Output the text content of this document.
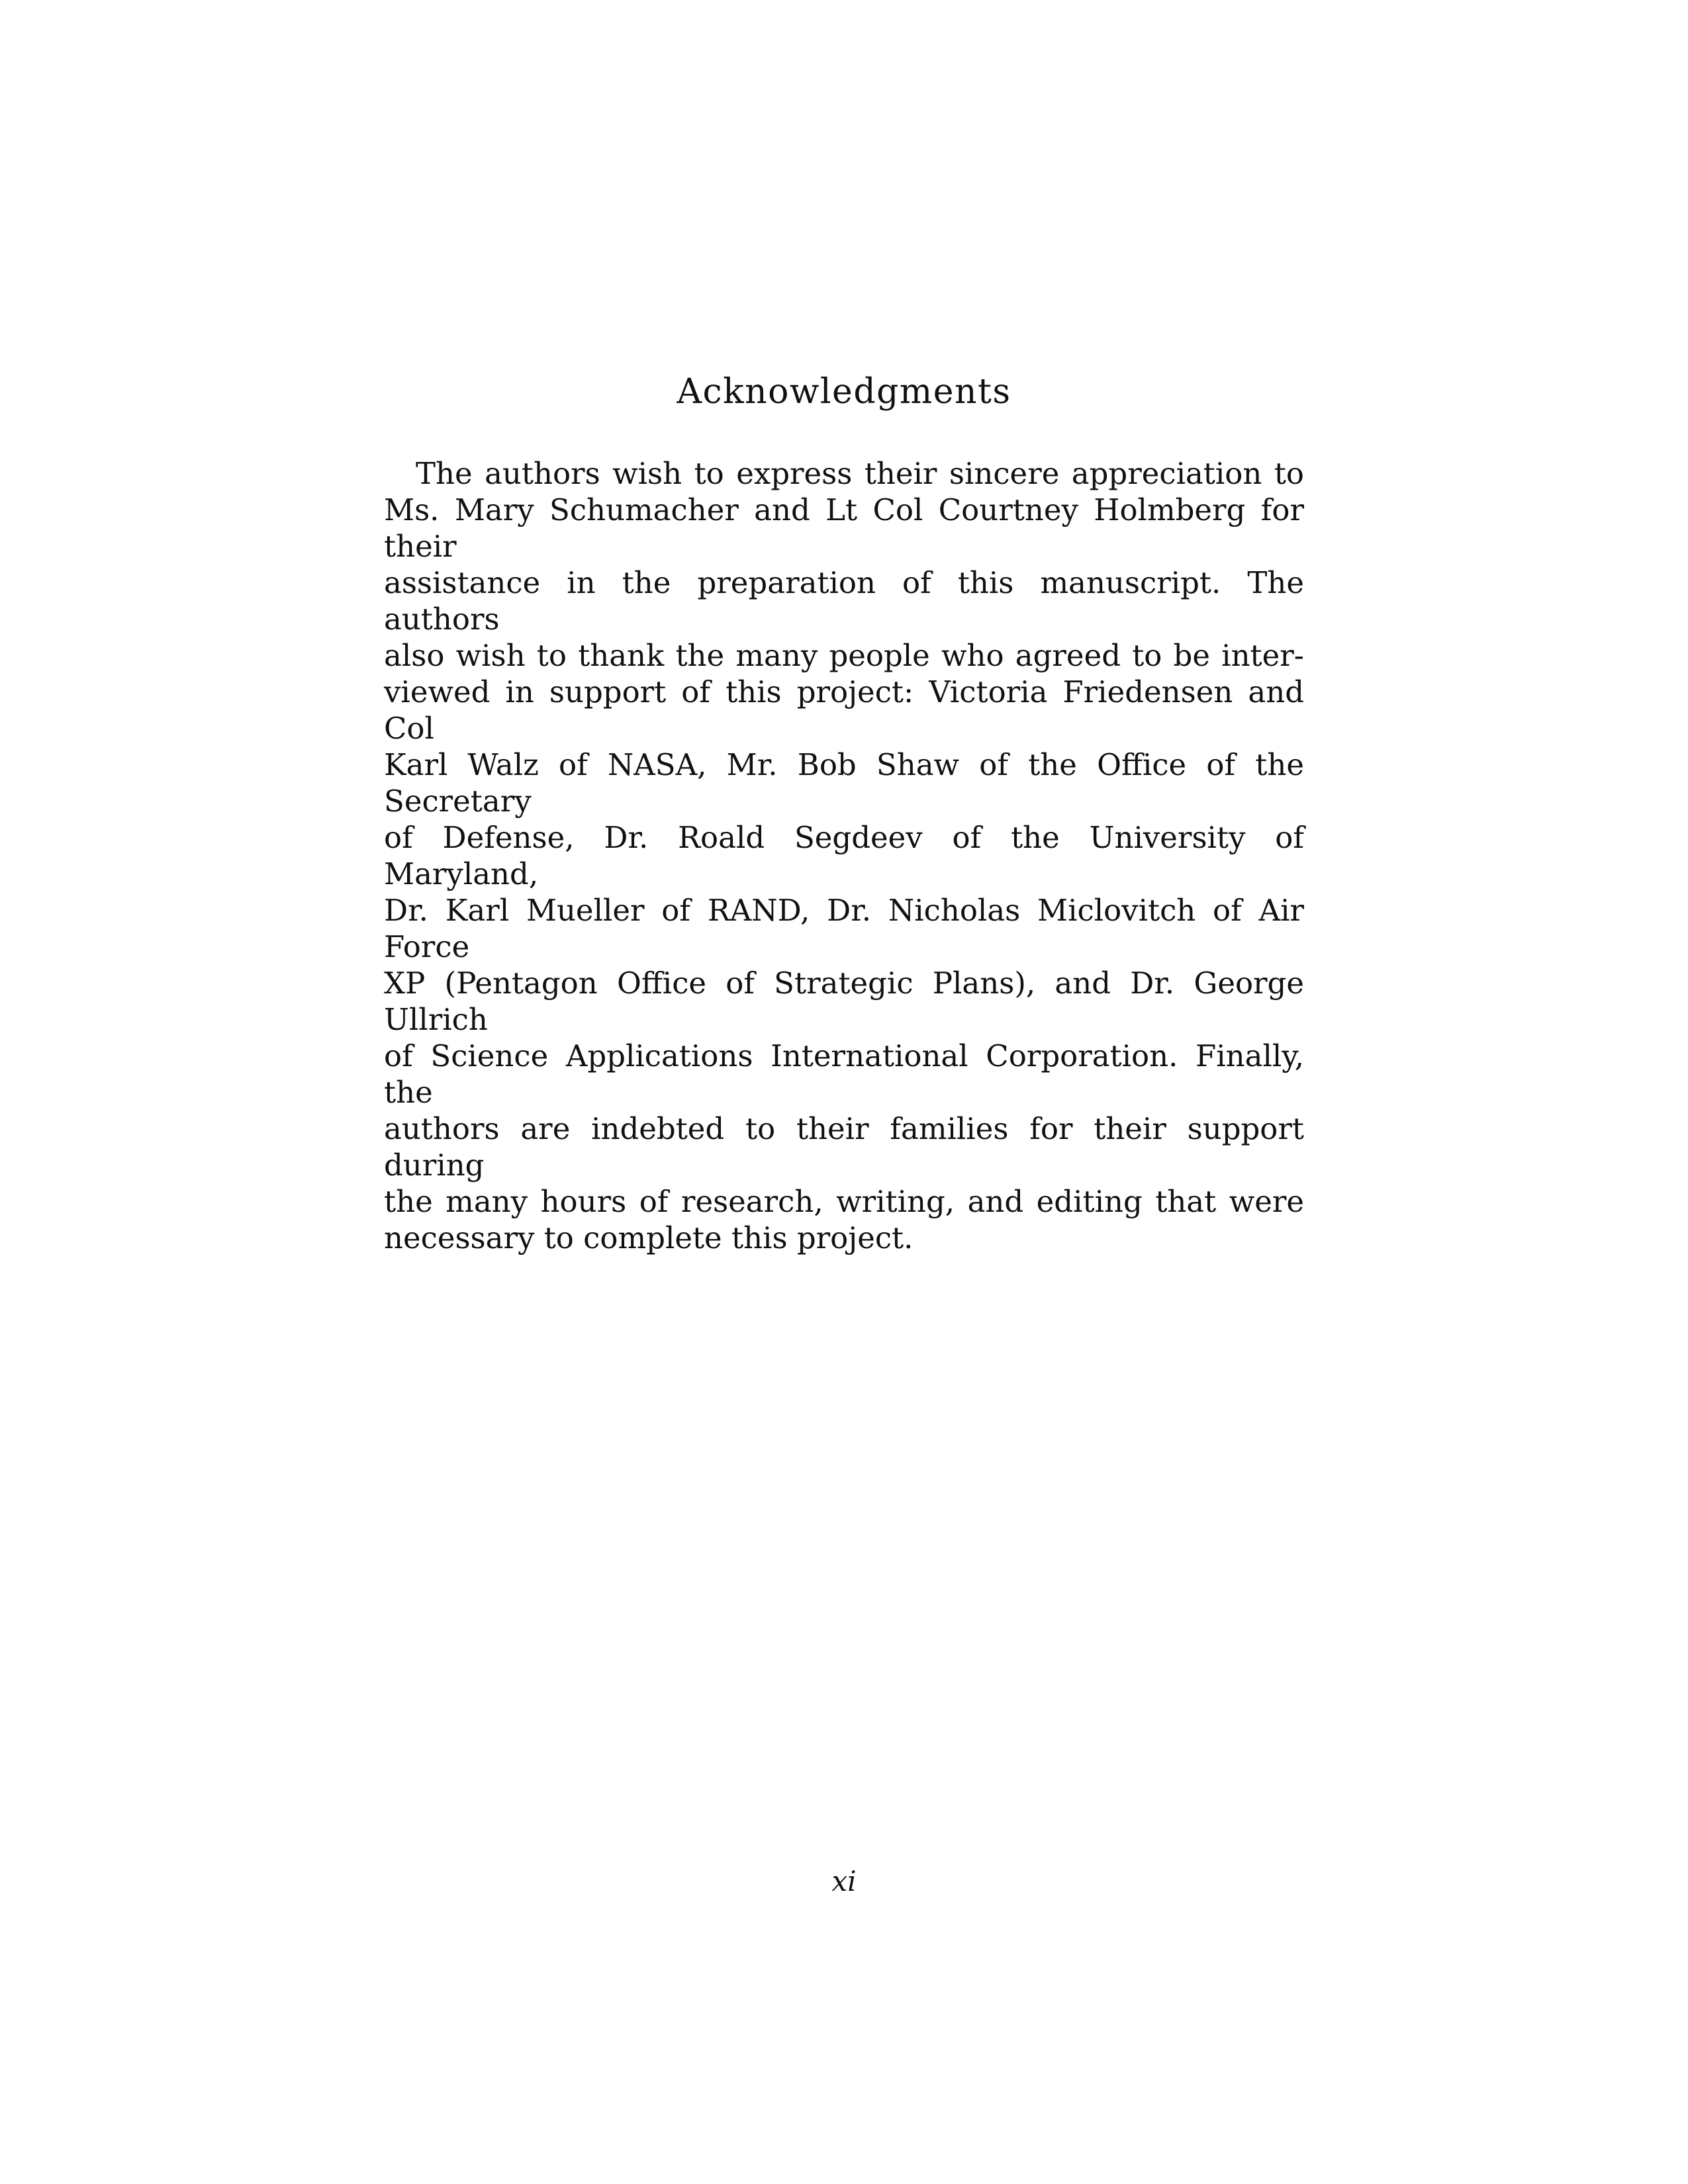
Acknowledgments
The authors wish to express their sincere appreciation to
Ms. Mary Schumacher and Lt Col Courtney Holmberg for their
assistance in the preparation of this manuscript. The authors
also wish to thank the many people who agreed to be inter-
viewed in support of this project: Victoria Friedensen and Col
Karl Walz of NASA, Mr. Bob Shaw of the Office of the Secretary
of Defense, Dr. Roald Segdeev of the University of Maryland,
Dr. Karl Mueller of RAND, Dr. Nicholas Miclovitch of Air Force
XP (Pentagon Office of Strategic Plans), and Dr. George Ullrich
of Science Applications International Corporation. Finally, the
authors are indebted to their families for their support during
the many hours of research, writing, and editing that were
necessary to complete this project.
xi
